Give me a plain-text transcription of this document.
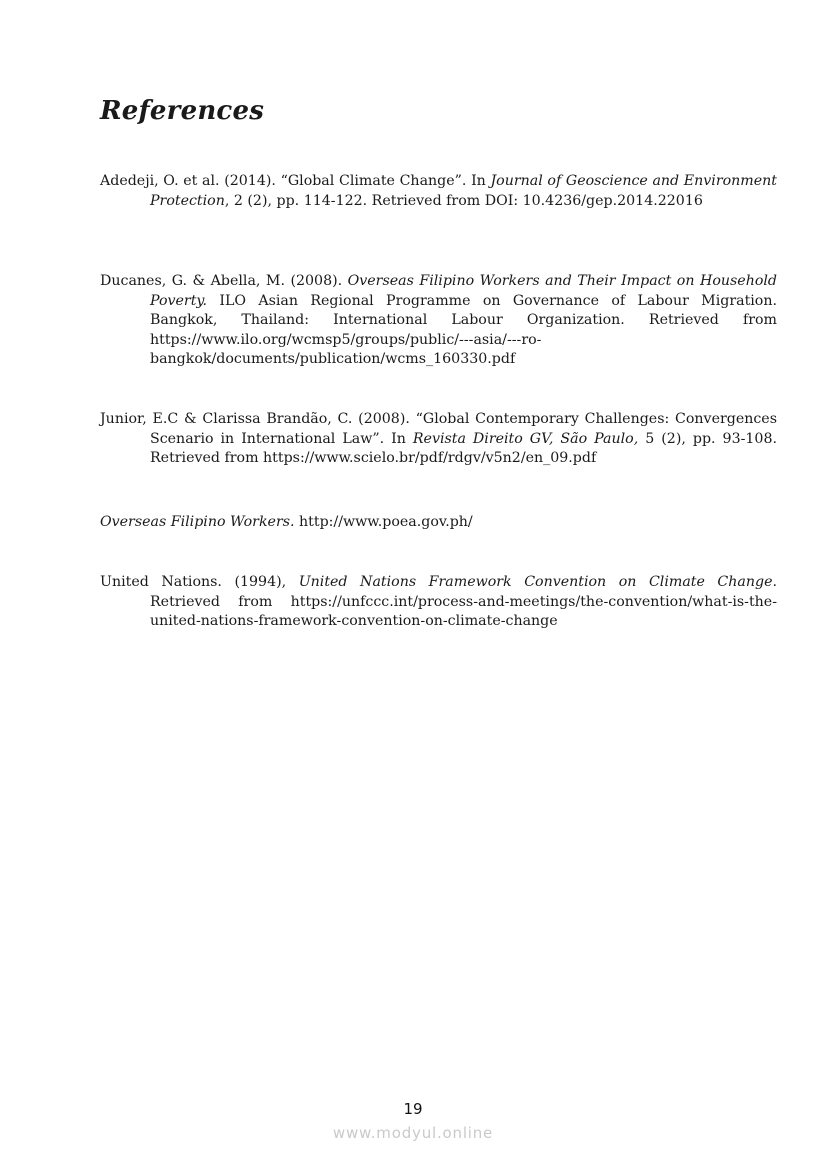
References

Adedeji, O. et al. (2014). “Global Climate Change”. In Journal of Geoscience and Environment Protection, 2 (2), pp. 114-122. Retrieved from DOI: 10.4236/gep.2014.22016

Ducanes, G. & Abella, M. (2008). Overseas Filipino Workers and Their Impact on Household Poverty. ILO Asian Regional Programme on Governance of Labour Migration. Bangkok, Thailand: International Labour Organization. Retrieved from https://www.ilo.org/wcmsp5/groups/public/---asia/---ro-bangkok/documents/publication/wcms_160330.pdf

Junior, E.C & Clarissa Brandão, C. (2008). “Global Contemporary Challenges: Convergences Scenario in International Law”. In Revista Direito GV, São Paulo, 5 (2), pp. 93-108. Retrieved from https://www.scielo.br/pdf/rdgv/v5n2/en_09.pdf

Overseas Filipino Workers. http://www.poea.gov.ph/

United Nations. (1994), United Nations Framework Convention on Climate Change. Retrieved from https://unfccc.int/process-and-meetings/the-convention/what-is-the-united-nations-framework-convention-on-climate-change

19
www.modyul.online
